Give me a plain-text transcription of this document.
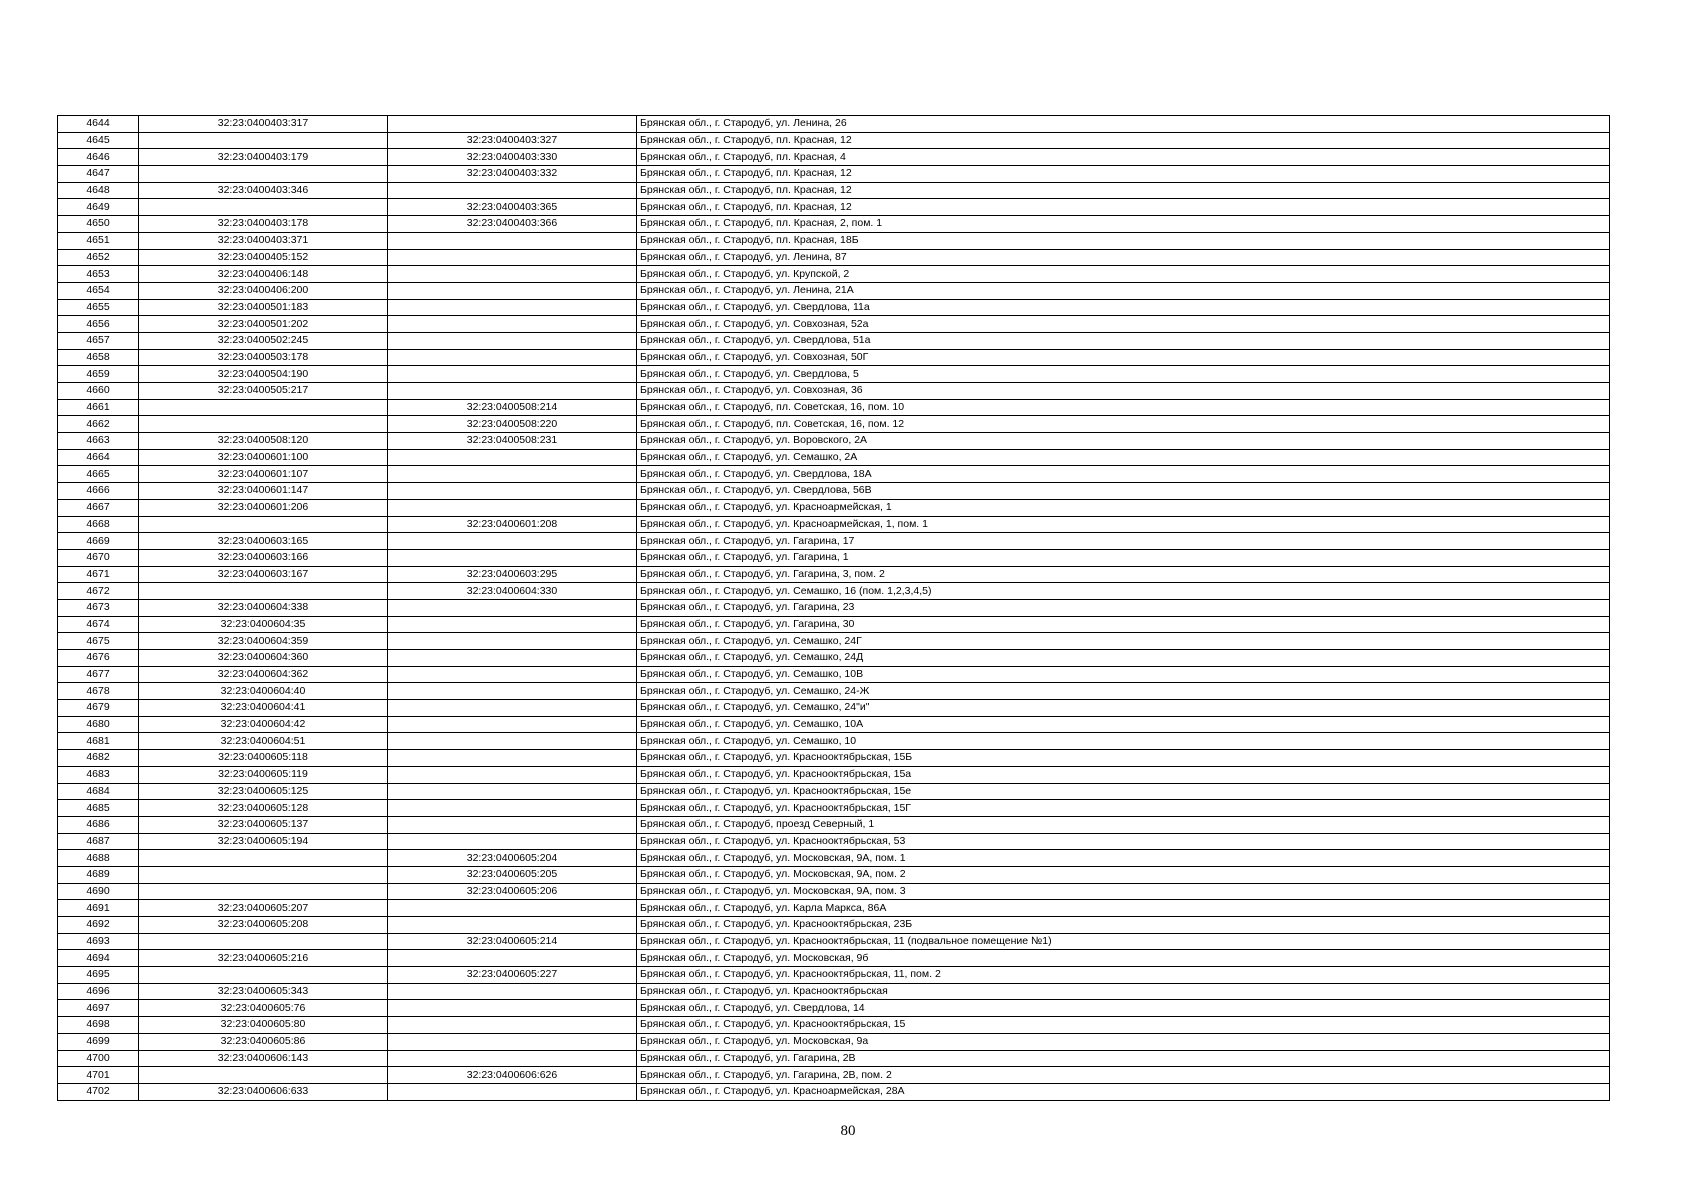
4644	32:23:0400403:317		Брянская обл., г. Стародуб, ул. Ленина, 26
4645		32:23:0400403:327	Брянская обл., г. Стародуб, пл. Красная, 12
4646	32:23:0400403:179	32:23:0400403:330	Брянская обл., г. Стародуб, пл. Красная, 4
4647		32:23:0400403:332	Брянская обл., г. Стародуб, пл. Красная, 12
4648	32:23:0400403:346		Брянская обл., г. Стародуб, пл. Красная, 12
4649		32:23:0400403:365	Брянская обл., г. Стародуб, пл. Красная, 12
4650	32:23:0400403:178	32:23:0400403:366	Брянская обл., г. Стародуб, пл. Красная, 2, пом. 1
4651	32:23:0400403:371		Брянская обл., г. Стародуб, пл. Красная, 18Б
4652	32:23:0400405:152		Брянская обл., г. Стародуб, ул. Ленина, 87
4653	32:23:0400406:148		Брянская обл., г. Стародуб, ул. Крупской, 2
4654	32:23:0400406:200		Брянская обл., г. Стародуб, ул. Ленина, 21А
4655	32:23:0400501:183		Брянская обл., г. Стародуб, ул. Свердлова, 11а
4656	32:23:0400501:202		Брянская обл., г. Стародуб, ул. Совхозная, 52а
4657	32:23:0400502:245		Брянская обл., г. Стародуб, ул. Свердлова, 51а
4658	32:23:0400503:178		Брянская обл., г. Стародуб, ул. Совхозная, 50Г
4659	32:23:0400504:190		Брянская обл., г. Стародуб, ул. Свердлова, 5
4660	32:23:0400505:217		Брянская обл., г. Стародуб, ул. Совхозная, 36
4661		32:23:0400508:214	Брянская обл., г. Стародуб, пл. Советская, 16, пом. 10
4662		32:23:0400508:220	Брянская обл., г. Стародуб, пл. Советская, 16, пом. 12
4663	32:23:0400508:120	32:23:0400508:231	Брянская обл., г. Стародуб, ул. Воровского, 2А
4664	32:23:0400601:100		Брянская обл., г. Стародуб, ул. Семашко, 2А
4665	32:23:0400601:107		Брянская обл., г. Стародуб, ул. Свердлова, 18А
4666	32:23:0400601:147		Брянская обл., г. Стародуб, ул. Свердлова, 56В
4667	32:23:0400601:206		Брянская обл., г. Стародуб, ул. Красноармейская, 1
4668		32:23:0400601:208	Брянская обл., г. Стародуб, ул. Красноармейская, 1, пом. 1
4669	32:23:0400603:165		Брянская обл., г. Стародуб, ул. Гагарина, 17
4670	32:23:0400603:166		Брянская обл., г. Стародуб, ул. Гагарина, 1
4671	32:23:0400603:167	32:23:0400603:295	Брянская обл., г. Стародуб, ул. Гагарина, 3, пом. 2
4672		32:23:0400604:330	Брянская обл., г. Стародуб, ул. Семашко, 16 (пом. 1,2,3,4,5)
4673	32:23:0400604:338		Брянская обл., г. Стародуб, ул. Гагарина, 23
4674	32:23:0400604:35		Брянская обл., г. Стародуб, ул. Гагарина, 30
4675	32:23:0400604:359		Брянская обл., г. Стародуб, ул. Семашко, 24Г
4676	32:23:0400604:360		Брянская обл., г. Стародуб, ул. Семашко, 24Д
4677	32:23:0400604:362		Брянская обл., г. Стародуб, ул. Семашко, 10В
4678	32:23:0400604:40		Брянская обл., г. Стародуб, ул. Семашко, 24-Ж
4679	32:23:0400604:41		Брянская обл., г. Стародуб, ул. Семашко, 24"и"
4680	32:23:0400604:42		Брянская обл., г. Стародуб, ул. Семашко, 10А
4681	32:23:0400604:51		Брянская обл., г. Стародуб, ул. Семашко, 10
4682	32:23:0400605:118		Брянская обл., г. Стародуб, ул. Краснооктябрьская, 15Б
4683	32:23:0400605:119		Брянская обл., г. Стародуб, ул. Краснооктябрьская, 15а
4684	32:23:0400605:125		Брянская обл., г. Стародуб, ул. Краснооктябрьская, 15е
4685	32:23:0400605:128		Брянская обл., г. Стародуб, ул. Краснооктябрьская, 15Г
4686	32:23:0400605:137		Брянская обл., г. Стародуб, проезд Северный, 1
4687	32:23:0400605:194		Брянская обл., г. Стародуб, ул. Краснооктябрьская, 53
4688		32:23:0400605:204	Брянская обл., г. Стародуб, ул. Московская, 9А, пом. 1
4689		32:23:0400605:205	Брянская обл., г. Стародуб, ул. Московская, 9А, пом. 2
4690		32:23:0400605:206	Брянская обл., г. Стародуб, ул. Московская, 9А, пом. 3
4691	32:23:0400605:207		Брянская обл., г. Стародуб, ул. Карла Маркса, 86А
4692	32:23:0400605:208		Брянская обл., г. Стародуб, ул. Краснооктябрьская, 23Б
4693		32:23:0400605:214	Брянская обл., г. Стародуб, ул. Краснооктябрьская, 11 (подвальное помещение №1)
4694	32:23:0400605:216		Брянская обл., г. Стародуб, ул. Московская, 9б
4695		32:23:0400605:227	Брянская обл., г. Стародуб, ул. Краснооктябрьская, 11, пом. 2
4696	32:23:0400605:343		Брянская обл., г. Стародуб, ул. Краснооктябрьская
4697	32:23:0400605:76		Брянская обл., г. Стародуб, ул. Свердлова, 14
4698	32:23:0400605:80		Брянская обл., г. Стародуб, ул. Краснооктябрьская, 15
4699	32:23:0400605:86		Брянская обл., г. Стародуб, ул. Московская, 9а
4700	32:23:0400606:143		Брянская обл., г. Стародуб, ул. Гагарина, 2В
4701		32:23:0400606:626	Брянская обл., г. Стародуб, ул. Гагарина, 2В, пом. 2
4702	32:23:0400606:633		Брянская обл., г. Стародуб, ул. Красноармейская, 28А
80
